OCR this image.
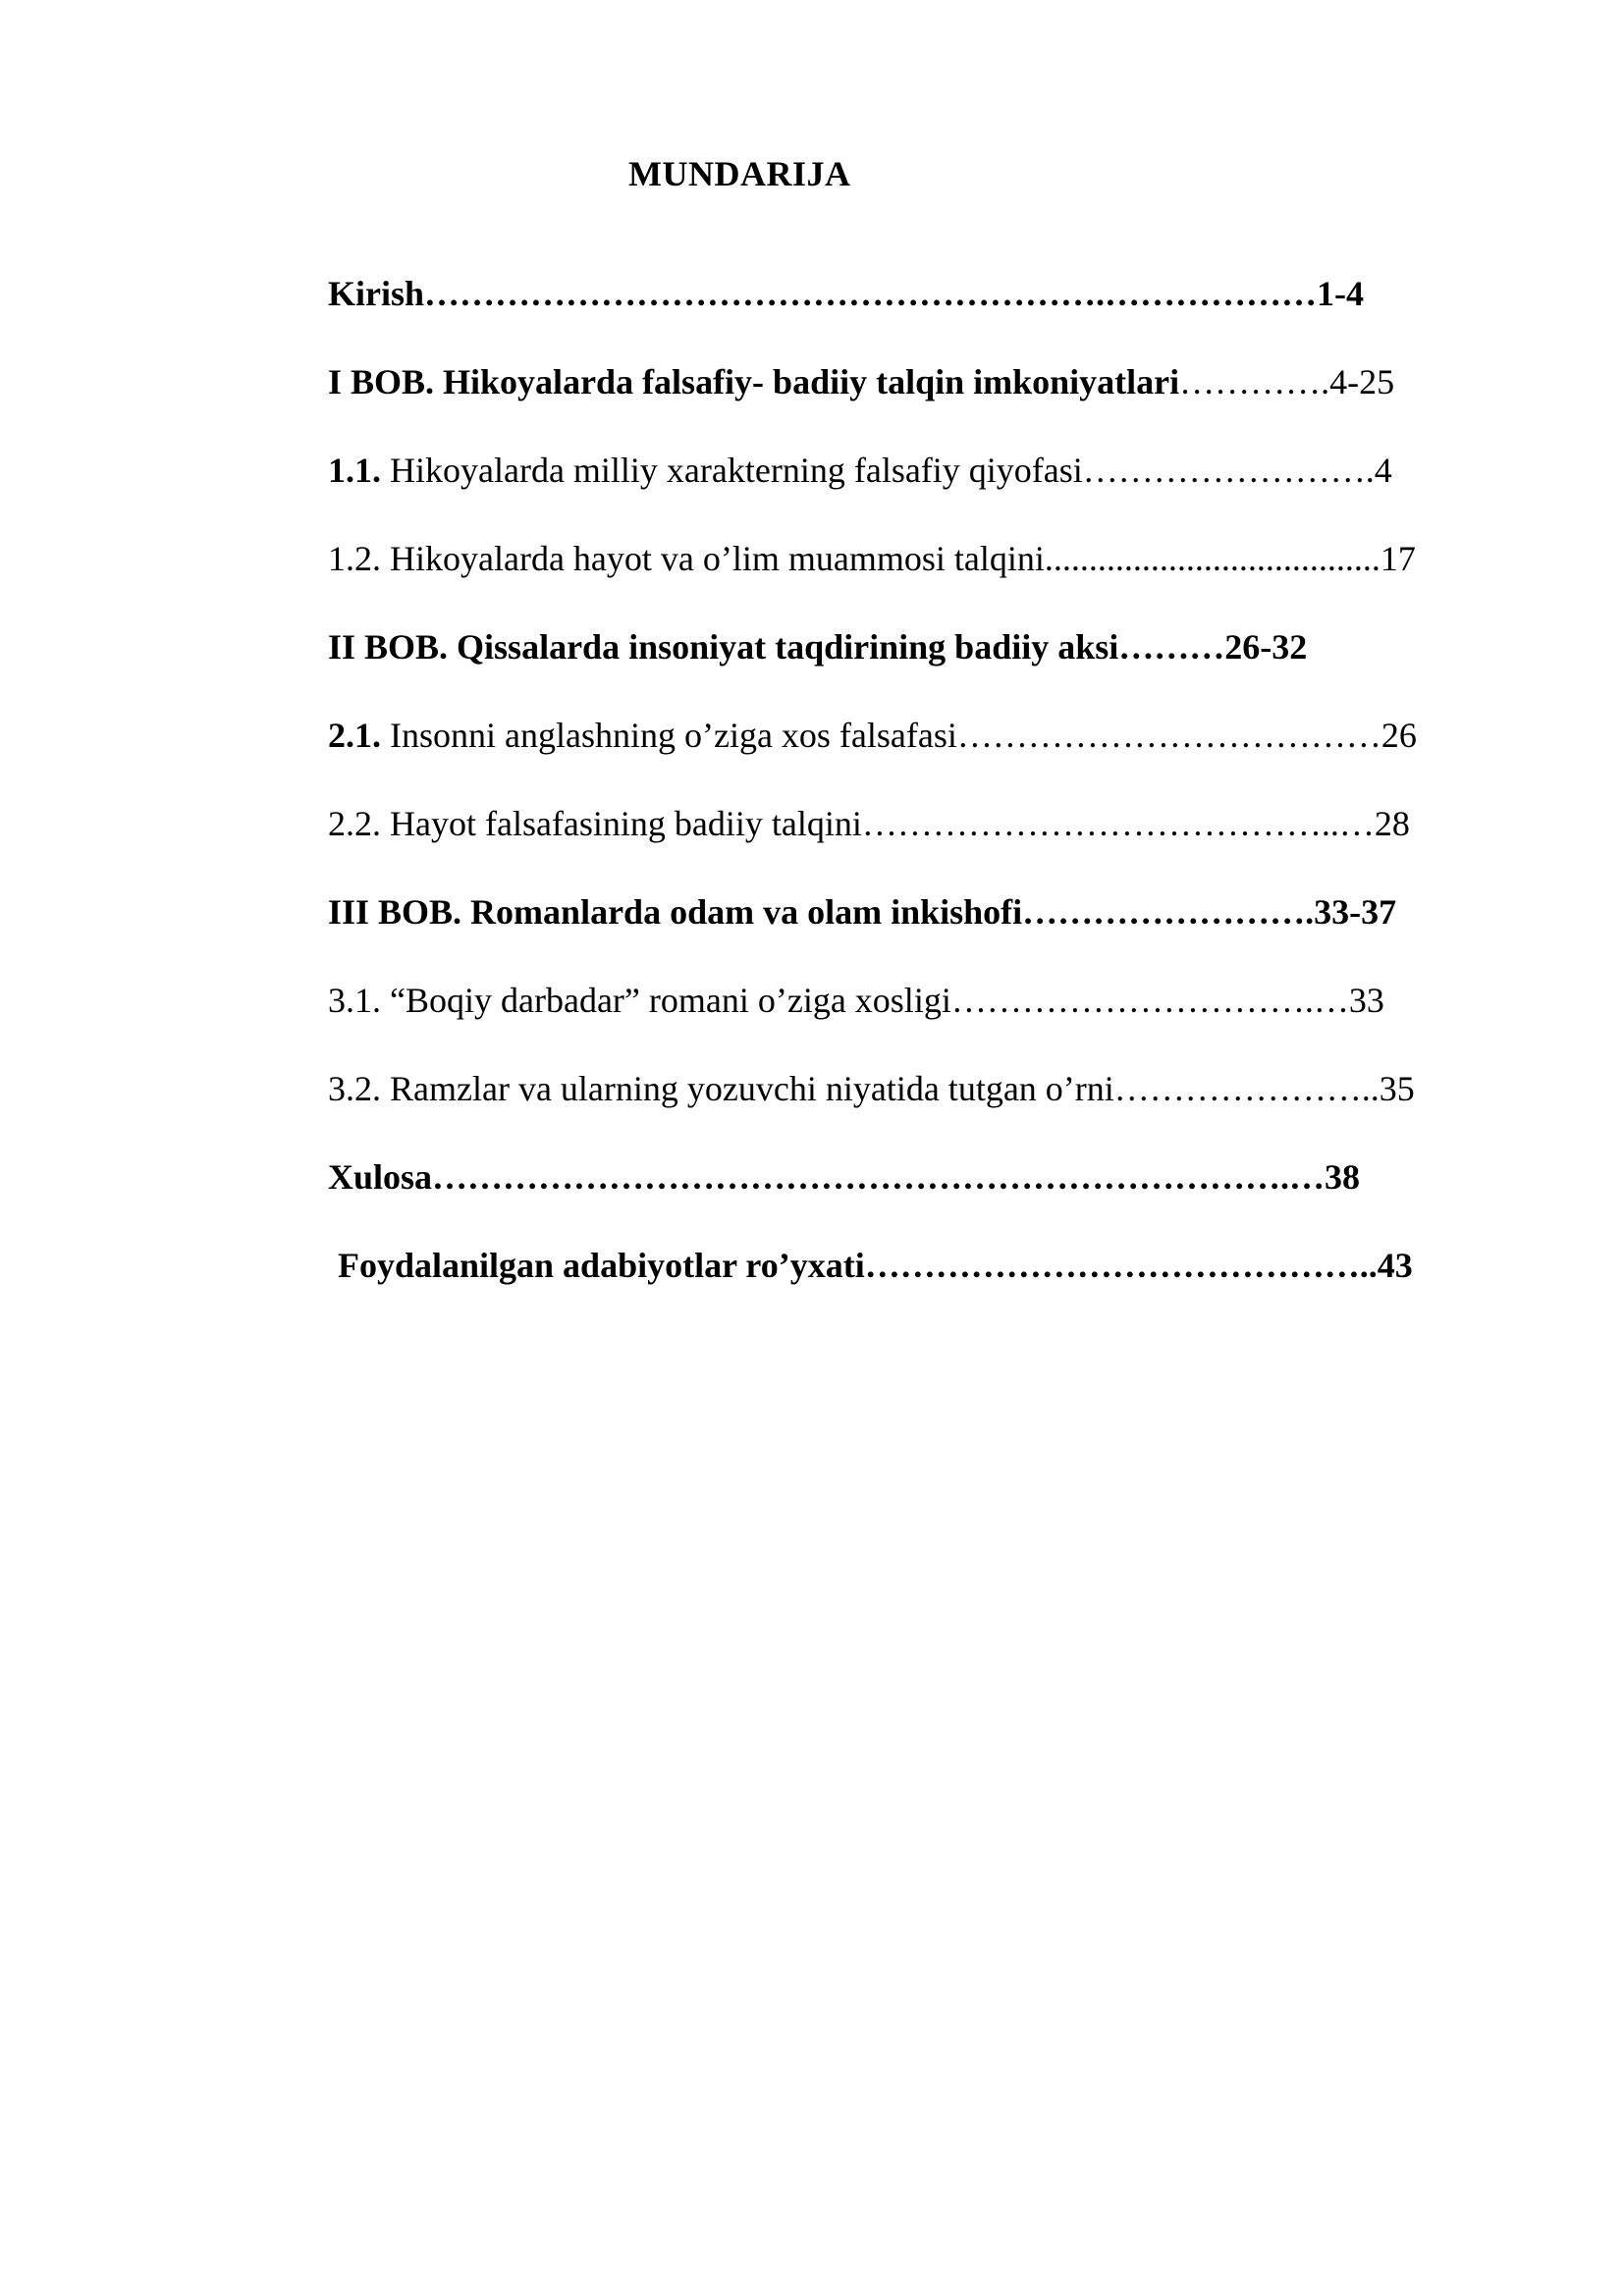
MUNDARIJA
Kirish………………………………………………….………………1-4
I BOB. Hikoyalarda falsafiy- badiiy talqin imkoniyatlari………….4-25
1.1. Hikoyalarda milliy xarakterning falsafiy qiyofasi…………………….4
1.2. Hikoyalarda hayot va o’lim muammosi talqini......................................17
II BOB. Qissalarda insoniyat taqdirining badiiy aksi………26-32
2.1. Insonni anglashning o’ziga xos falsafasi………………………………26
2.2. Hayot falsafasining badiiy talqini…………………………………..…28
III BOB. Romanlarda odam va olam inkishofi…………………….33-37
3.1. “Boqiy darbadar” romani o’ziga xosligi………………………….…33
3.2. Ramzlar va ularning yozuvchi niyatida tutgan o’rni…………………..35
Xulosa……………………………………………………………….…38
Foydalanilgan adabiyotlar ro’yxati……………………………………..43
